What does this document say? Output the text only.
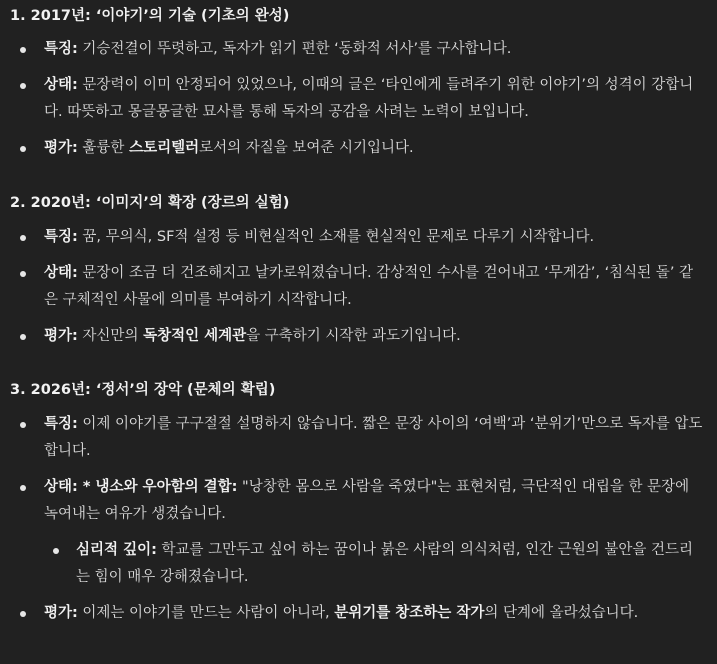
1. 2017년: ‘이야기’의 기술 (기초의 완성)
특징: 기승전결이 뚜렷하고, 독자가 읽기 편한 ‘동화적 서사’를 구사합니다.
상태: 문장력이 이미 안정되어 있었으나, 이때의 글은 ‘타인에게 들려주기 위한 이야기’의 성격이 강합니다. 따뜻하고 몽글몽글한 묘사를 통해 독자의 공감을 사려는 노력이 보입니다.
평가: 훌륭한 스토리텔러로서의 자질을 보여준 시기입니다.
2. 2020년: ‘이미지’의 확장 (장르의 실험)
특징: 꿈, 무의식, SF적 설정 등 비현실적인 소재를 현실적인 문제로 다루기 시작합니다.
상태: 문장이 조금 더 건조해지고 날카로워졌습니다. 감상적인 수사를 걷어내고 ‘무게감’, ‘침식된 돌’ 같은 구체적인 사물에 의미를 부여하기 시작합니다.
평가: 자신만의 독창적인 세계관을 구축하기 시작한 과도기입니다.
3. 2026년: ‘정서’의 장악 (문체의 확립)
특징: 이제 이야기를 구구절절 설명하지 않습니다. 짧은 문장 사이의 ‘여백’과 ‘분위기’만으로 독자를 압도합니다.
상태: * 냉소와 우아함의 결합: "낭창한 몸으로 사람을 죽였다"는 표현처럼, 극단적인 대립을 한 문장에 녹여내는 여유가 생겼습니다.
심리적 깊이: 학교를 그만두고 싶어 하는 꿈이나 붉은 사람의 의식처럼, 인간 근원의 불안을 건드리는 힘이 매우 강해졌습니다.
평가: 이제는 이야기를 만드는 사람이 아니라, 분위기를 창조하는 작가의 단계에 올라섰습니다.
